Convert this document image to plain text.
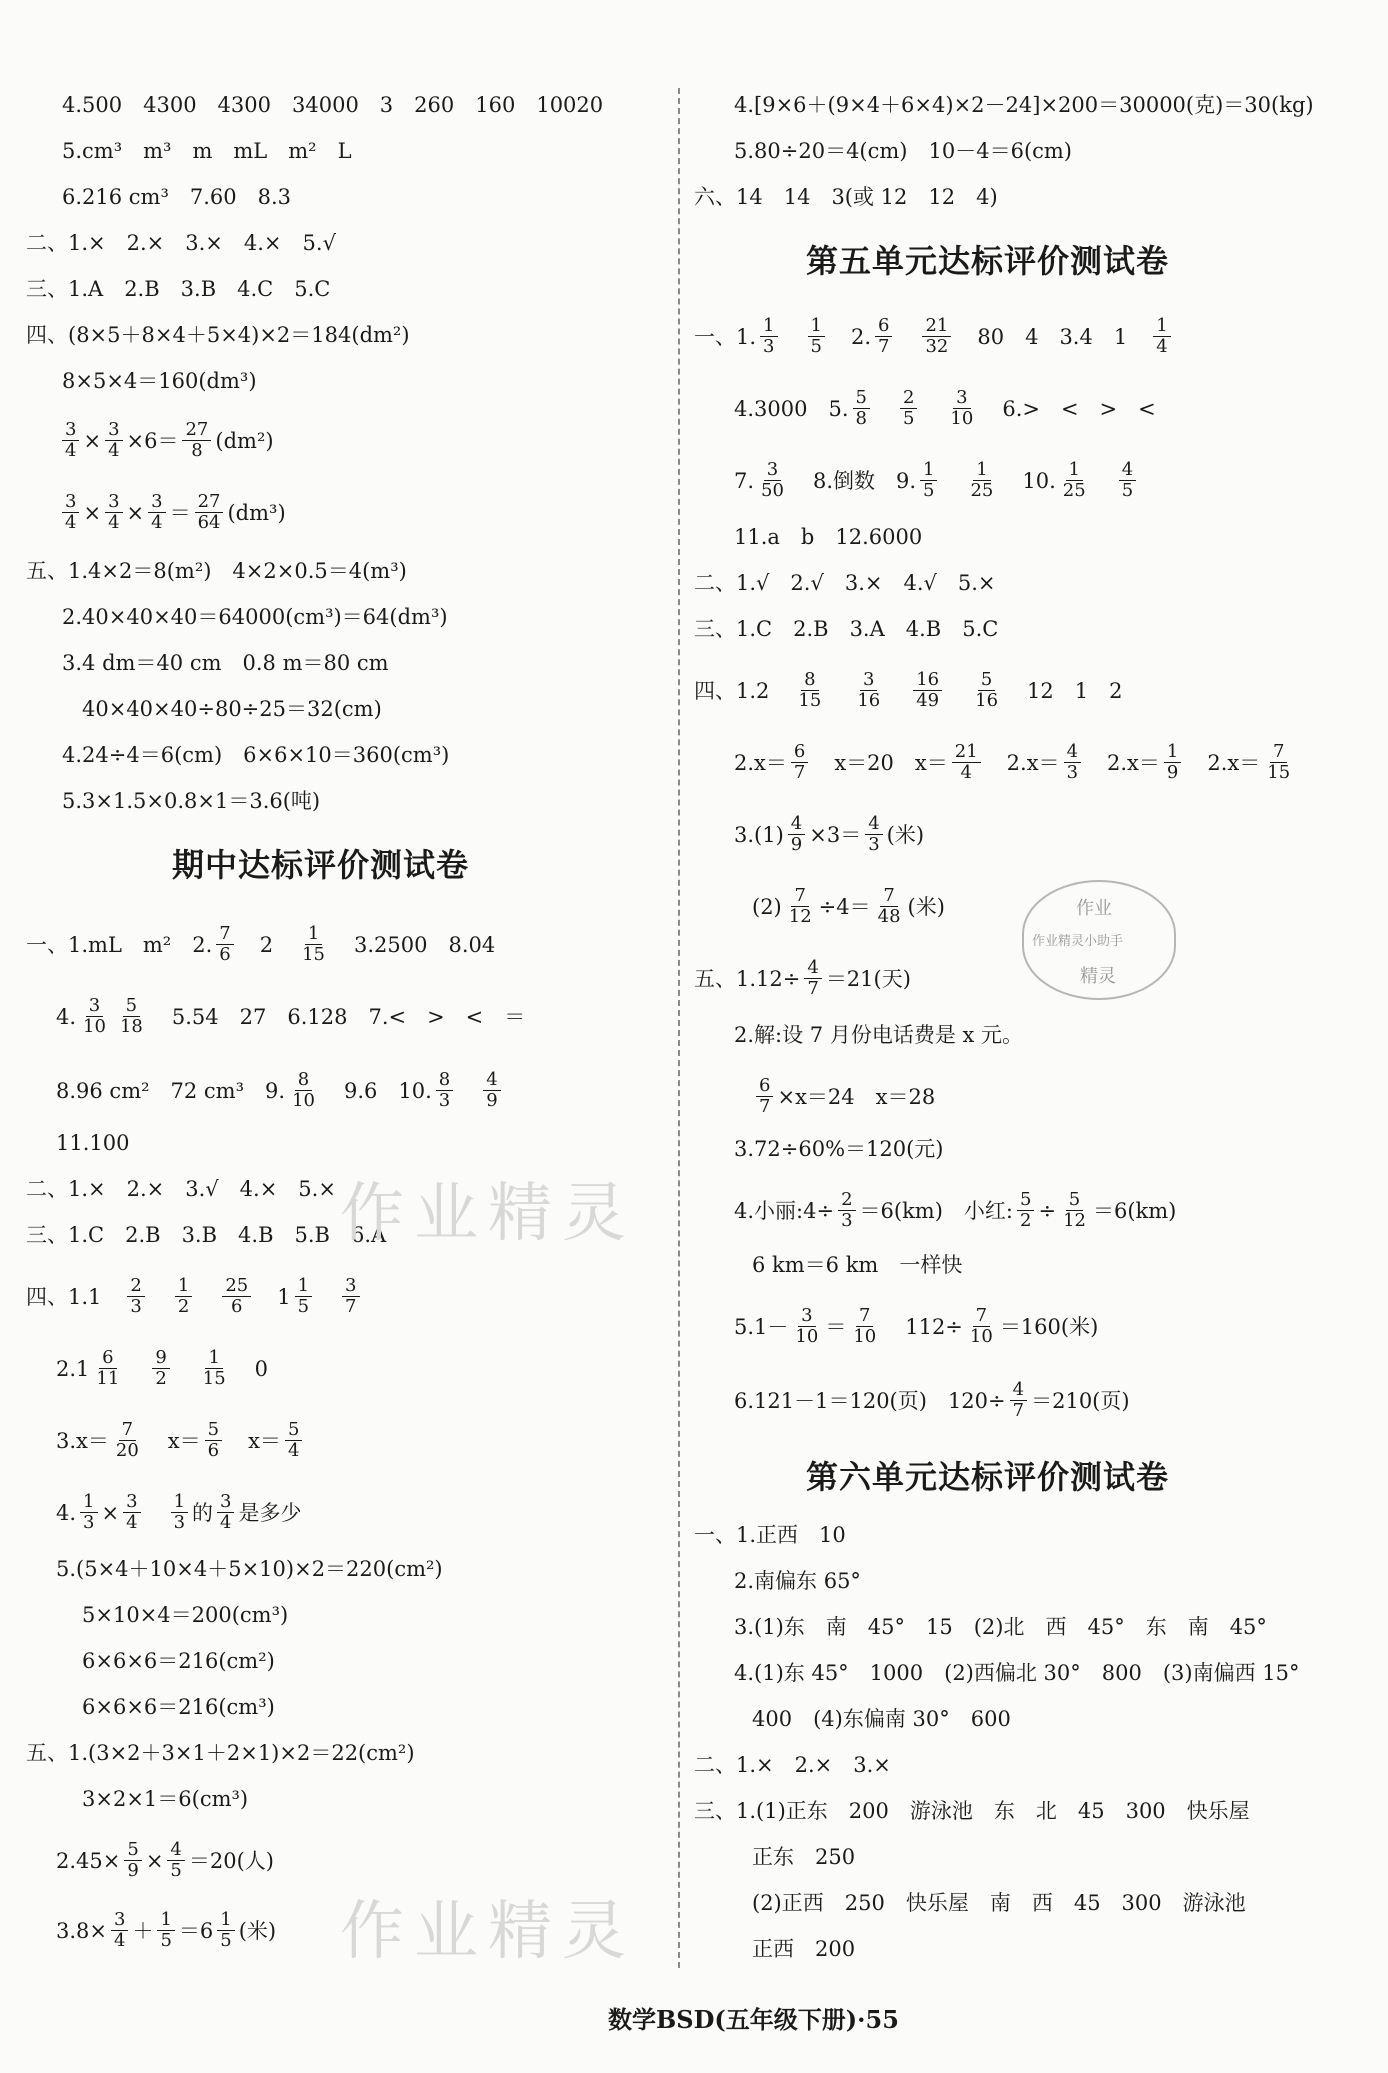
4.500　4300　4300　34000　3　260　160　10020
5.cm³　m³　m　mL　m²　L
6.216 cm³　7.60　8.3
二、1.×　2.×　3.×　4.×　5.√
三、1.A　2.B　3.B　4.C　5.C
四、(8×5＋8×4＋5×4)×2＝184(dm²)
8×5×4＝160(dm³)
$\frac{3}{4} \times \frac{3}{4} \times 6= \frac{27}{8} (dm^2)$
$\frac{3}{4} \times \frac{3}{4} \times \frac{3}{4} = \frac{27}{64} (dm^3)$
五、1.4×2＝8(m²)　4×2×0.5＝4(m³)
2.40×40×40＝64000(cm³)＝64(dm³)
3.4 dm＝40 cm　0.8 m＝80 cm
40×40×40÷80÷25＝32(cm)
4.24÷4＝6(cm)　6×6×10＝360(cm³)
5.3×1.5×0.8×1＝3.6(吨)
期中达标评价测试卷
一、1.mL　m²　2. $\frac{7}{6} 2 \frac{1}{15} 3.2500$　8.04
4. $\frac{3}{10} \frac{5}{18} 5.54$　27　6.128　7.<　>　<　＝
8.96 cm²　72 cm³　9. $\frac{8}{10} 9.6$　10. $\frac{8}{3} \frac{4}{9}$
11.100
二、1.×　2.×　3.√　4.×　5.×
三、1.C　2.B　3.B　4.B　5.B　6.A
四、$1.1 \frac{2}{3} \frac{1}{2} \frac{25}{6} 1 \frac{1}{5} \frac{3}{7}$
$2.1 \frac{6}{11} \frac{9}{2} \frac{1}{15} 0$
$3.x= \frac{7}{20} x= \frac{5}{6} x= \frac{5}{4}$
4. $\frac{1}{3} \times \frac{3}{4} \frac{1}{3}$ 的 $\frac{3}{4}$ 是多少
5.(5×4＋10×4＋5×10)×2＝220(cm²)
5×10×4＝200(cm³)
6×6×6＝216(cm²)
6×6×6＝216(cm³)
五、1.(3×2＋3×1＋2×1)×2＝22(cm²)
3×2×1＝6(cm³)
$2.45\times \frac{5}{9} \times \frac{4}{5} =20$(人)
$3.8\times \frac{3}{4} + \frac{1}{5} =6 \frac{1}{5}$ (米)
4.[9×6＋(9×4＋6×4)×2－24]×200＝30000(克)＝30(kg)
5.80÷20＝4(cm)　10－4＝6(cm)
六、14　14　3(或 12　12　4)
第五单元达标评价测试卷
一、1. $\frac{1}{3} \frac{1}{5} 2$. $\frac{6}{7} \frac{21}{32} 80$　4　3.4　$1 \frac{1}{4}$
4.3000　5. $\frac{5}{8} \frac{2}{5} \frac{3}{10} 6.>$　<　>　<
7. $\frac{3}{50} 8$.倒数　9. $\frac{1}{5} \frac{1}{25} 10$. $\frac{1}{25} \frac{4}{5}$
11.a　b　12.6000
二、1.√　2.√　3.×　4.√　5.×
三、1.C　2.B　3.A　4.B　5.C
四、$1.2 \frac{8}{15} \frac{3}{16} \frac{16}{49} \frac{5}{16} 12$　1　2
$2.x= \frac{6}{7} x=20$　$x= \frac{21}{4} 2.x= \frac{4}{3} 2.x= \frac{1}{9} 2.x= \frac{7}{15}$
$3.(1) \frac{4}{9} \times 3= \frac{4}{3}$ (米)
$(2) \frac{7}{12} \div 4= \frac{7}{48}$ (米)
五、$1.12\div \frac{4}{7} =21$(天)
2.解:设 7 月份电话费是 x 元。
$\frac{6}{7} \times x=24$　x＝28
3.72÷60%＝120(元)
4.小丽:4÷ $\frac{2}{3} =6(km)$　小红: $\frac{5}{2} \div \frac{5}{12} =6(km)$
6 km＝6 km　一样快
$5.1- \frac{3}{10} = \frac{7}{10} 112\div \frac{7}{10} =160$(米)
6.121－1＝120(页)　$120\div \frac{4}{7} =210$(页)
第六单元达标评价测试卷
一、1.正西　10
2.南偏东 65°
3.(1)东　南　45°　15　(2)北　西　45°　东　南　45°
4.(1)东 45°　1000　(2)西偏北 30°　800　(3)南偏西 15°
400　(4)东偏南 30°　600
二、1.×　2.×　3.×
三、1.(1)正东　200　游泳池　东　北　45　300　快乐屋
正东　250
(2)正西　250　快乐屋　南　西　45　300　游泳池
正西　200
作业
作业精灵小助手
精灵
作业精灵
作业精灵
数学BSD(五年级下册)·55
